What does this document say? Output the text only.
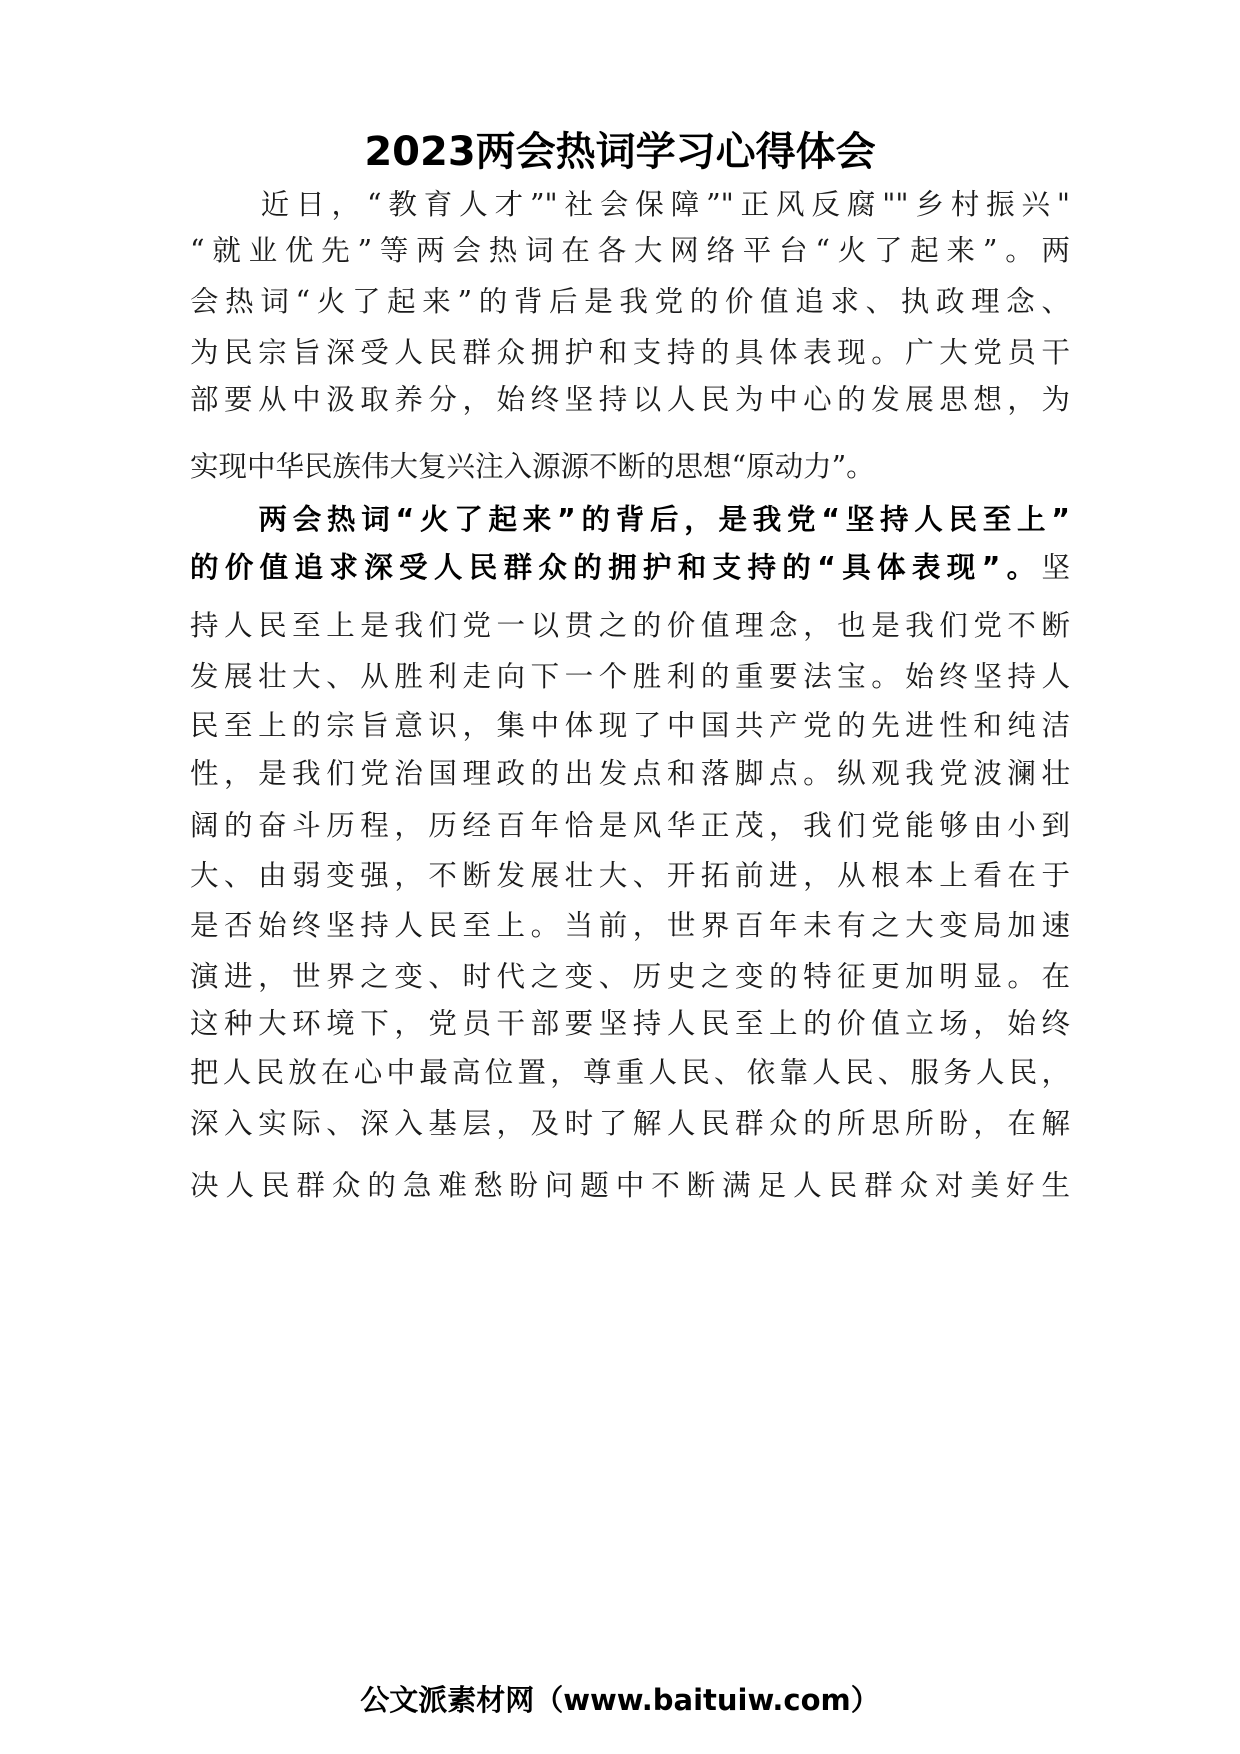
2023两会热词学习心得体会
　　近日，“教育人才”"社会保障”"正风反腐""乡村振兴"
“就业优先”等两会热词在各大网络平台“火了起来”。两
会热词“火了起来”的背后是我党的价值追求、执政理念、
为民宗旨深受人民群众拥护和支持的具体表现。广大党员干
部要从中汲取养分，始终坚持以人民为中心的发展思想，为
实现中华民族伟大复兴注入源源不断的思想“原动力”。
　　两会热词“火了起来”的背后，是我党“坚持人民至上”
的价值追求深受人民群众的拥护和支持的“具体表现”。坚
持人民至上是我们党一以贯之的价值理念，也是我们党不断
发展壮大、从胜利走向下一个胜利的重要法宝。始终坚持人
民至上的宗旨意识，集中体现了中国共产党的先进性和纯洁
性，是我们党治国理政的出发点和落脚点。纵观我党波澜壮
阔的奋斗历程，历经百年恰是风华正茂，我们党能够由小到
大、由弱变强，不断发展壮大、开拓前进，从根本上看在于
是否始终坚持人民至上。当前，世界百年未有之大变局加速
演进，世界之变、时代之变、历史之变的特征更加明显。在
这种大环境下，党员干部要坚持人民至上的价值立场，始终
把人民放在心中最高位置，尊重人民、依靠人民、服务人民，
深入实际、深入基层，及时了解人民群众的所思所盼，在解
决人民群众的急难愁盼问题中不断满足人民群众对美好生
公文派素材网（www.baituiw.com）
